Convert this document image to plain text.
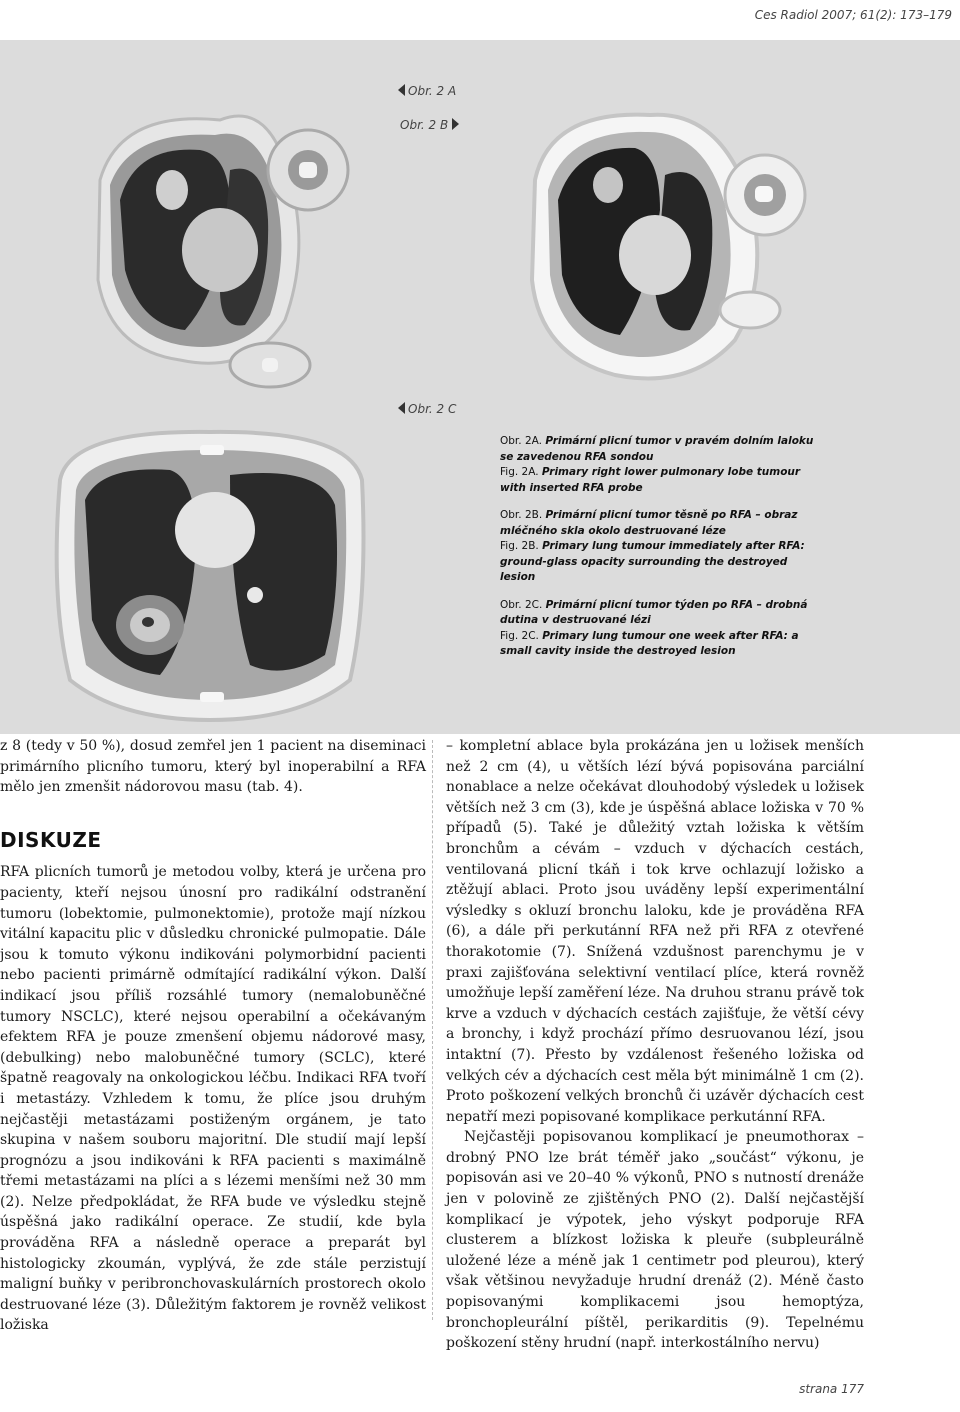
Ces Radiol 2007; 61(2): 173–179
Obr. 2 A
Obr. 2 B
Obr. 2 C

Obr. 2A. Primární plicní tumor v pravém dolním laloku se zavedenou RFA sondou

Fig. 2A. Primary right lower pulmonary lobe tumour with inserted RFA probe

Obr. 2B. Primární plicní tumor těsně po RFA – obraz mléčného skla okolo destruované léze

Fig. 2B. Primary lung tumour immediately after RFA: ground-glass opacity surrounding the destroyed lesion

Obr. 2C. Primární plicní tumor týden po RFA – drobná dutina v destruované lézi

Fig. 2C. Primary lung tumour one week after RFA: a small cavity inside the destroyed lesion

z 8 (tedy v 50 %), dosud zemřel jen 1 pacient na diseminaci primárního plicního tumoru, který byl inoperabilní a RFA mělo jen zmenšit nádorovou masu (tab. 4).

DISKUZE

RFA plicních tumorů je metodou volby, která je určena pro pacienty, kteří nejsou únosní pro radikální odstranění tumoru (lobektomie, pulmonektomie), protože mají nízkou vitální kapacitu plic v důsledku chronické pulmopatie. Dále jsou k tomuto výkonu indikováni polymorbidní pacienti nebo pacienti primárně odmítající radikální výkon. Další indikací jsou příliš rozsáhlé tumory (nemalobuněčné tumory NSCLC), které nejsou operabilní a očekávaným efektem RFA je pouze zmenšení objemu nádorové masy, (debulking) nebo malobuněčné tumory (SCLC), které špatně reagovaly na onkologickou léčbu. Indikaci RFA tvoří i metastázy. Vzhledem k tomu, že plíce jsou druhým nejčastěji metastázami postiženým orgánem, je tato skupina v našem souboru majoritní. Dle studií mají lepší prognózu a jsou indikováni k RFA pacienti s maximálně třemi metastázami na plíci a s lézemi menšími než 30 mm (2). Nelze předpokládat, že RFA bude ve výsledku stejně úspěšná jako radikální operace. Ze studií, kde byla prováděna RFA a následně operace a preparát byl histologicky zkoumán, vyplývá, že zde stále perzistují maligní buňky v peribronchovaskulárních prostorech okolo destruované léze (3). Důležitým faktorem je rovněž velikost ložiska

– kompletní ablace byla prokázána jen u ložisek menších než 2 cm (4), u větších lézí bývá popisována parciální nonablace a nelze očekávat dlouhodobý výsledek u ložisek větších než 3 cm (3), kde je úspěšná ablace ložiska v 70 % případů (5). Také je důležitý vztah ložiska k větším bronchům a cévám – vzduch v dýchacích cestách, ventilovaná plicní tkáň i tok krve ochlazují ložisko a ztěžují ablaci. Proto jsou uváděny lepší experimentální výsledky s okluzí bronchu laloku, kde je prováděna RFA (6), a dále při perkutánní RFA než při RFA z otevřené thorakotomie (7). Snížená vzdušnost parenchymu je v praxi zajišťována selektivní ventilací plíce, která rovněž umožňuje lepší zaměření léze. Na druhou stranu právě tok krve a vzduch v dýchacích cestách zajišťuje, že větší cévy a bronchy, i když prochází přímo desruovanou lézí, jsou intaktní (7). Přesto by vzdálenost řešeného ložiska od velkých cév a dýchacích cest měla být minimálně 1 cm (2). Proto poškození velkých bronchů či uzávěr dýchacích cest nepatří mezi popisované komplikace perkutánní RFA.

Nejčastěji popisovanou komplikací je pneumothorax – drobný PNO lze brát téměř jako „součást“ výkonu, je popisován asi ve 20–40 % výkonů, PNO s nutností drenáže jen v polovině ze zjištěných PNO (2). Další nejčastější komplikací je výpotek, jeho výskyt podporuje RFA clusterem a blízkost ložiska k pleuře (subpleurálně uložené léze a méně jak 1 centimetr pod pleurou), který však většinou nevyžaduje hrudní drenáž (2). Méně často popisovanými komplikacemi jsou hemoptýza, bronchopleurální píštěl, perikarditis (9). Tepelnému poškození stěny hrudní (např. interkostálního nervu)

strana 177
